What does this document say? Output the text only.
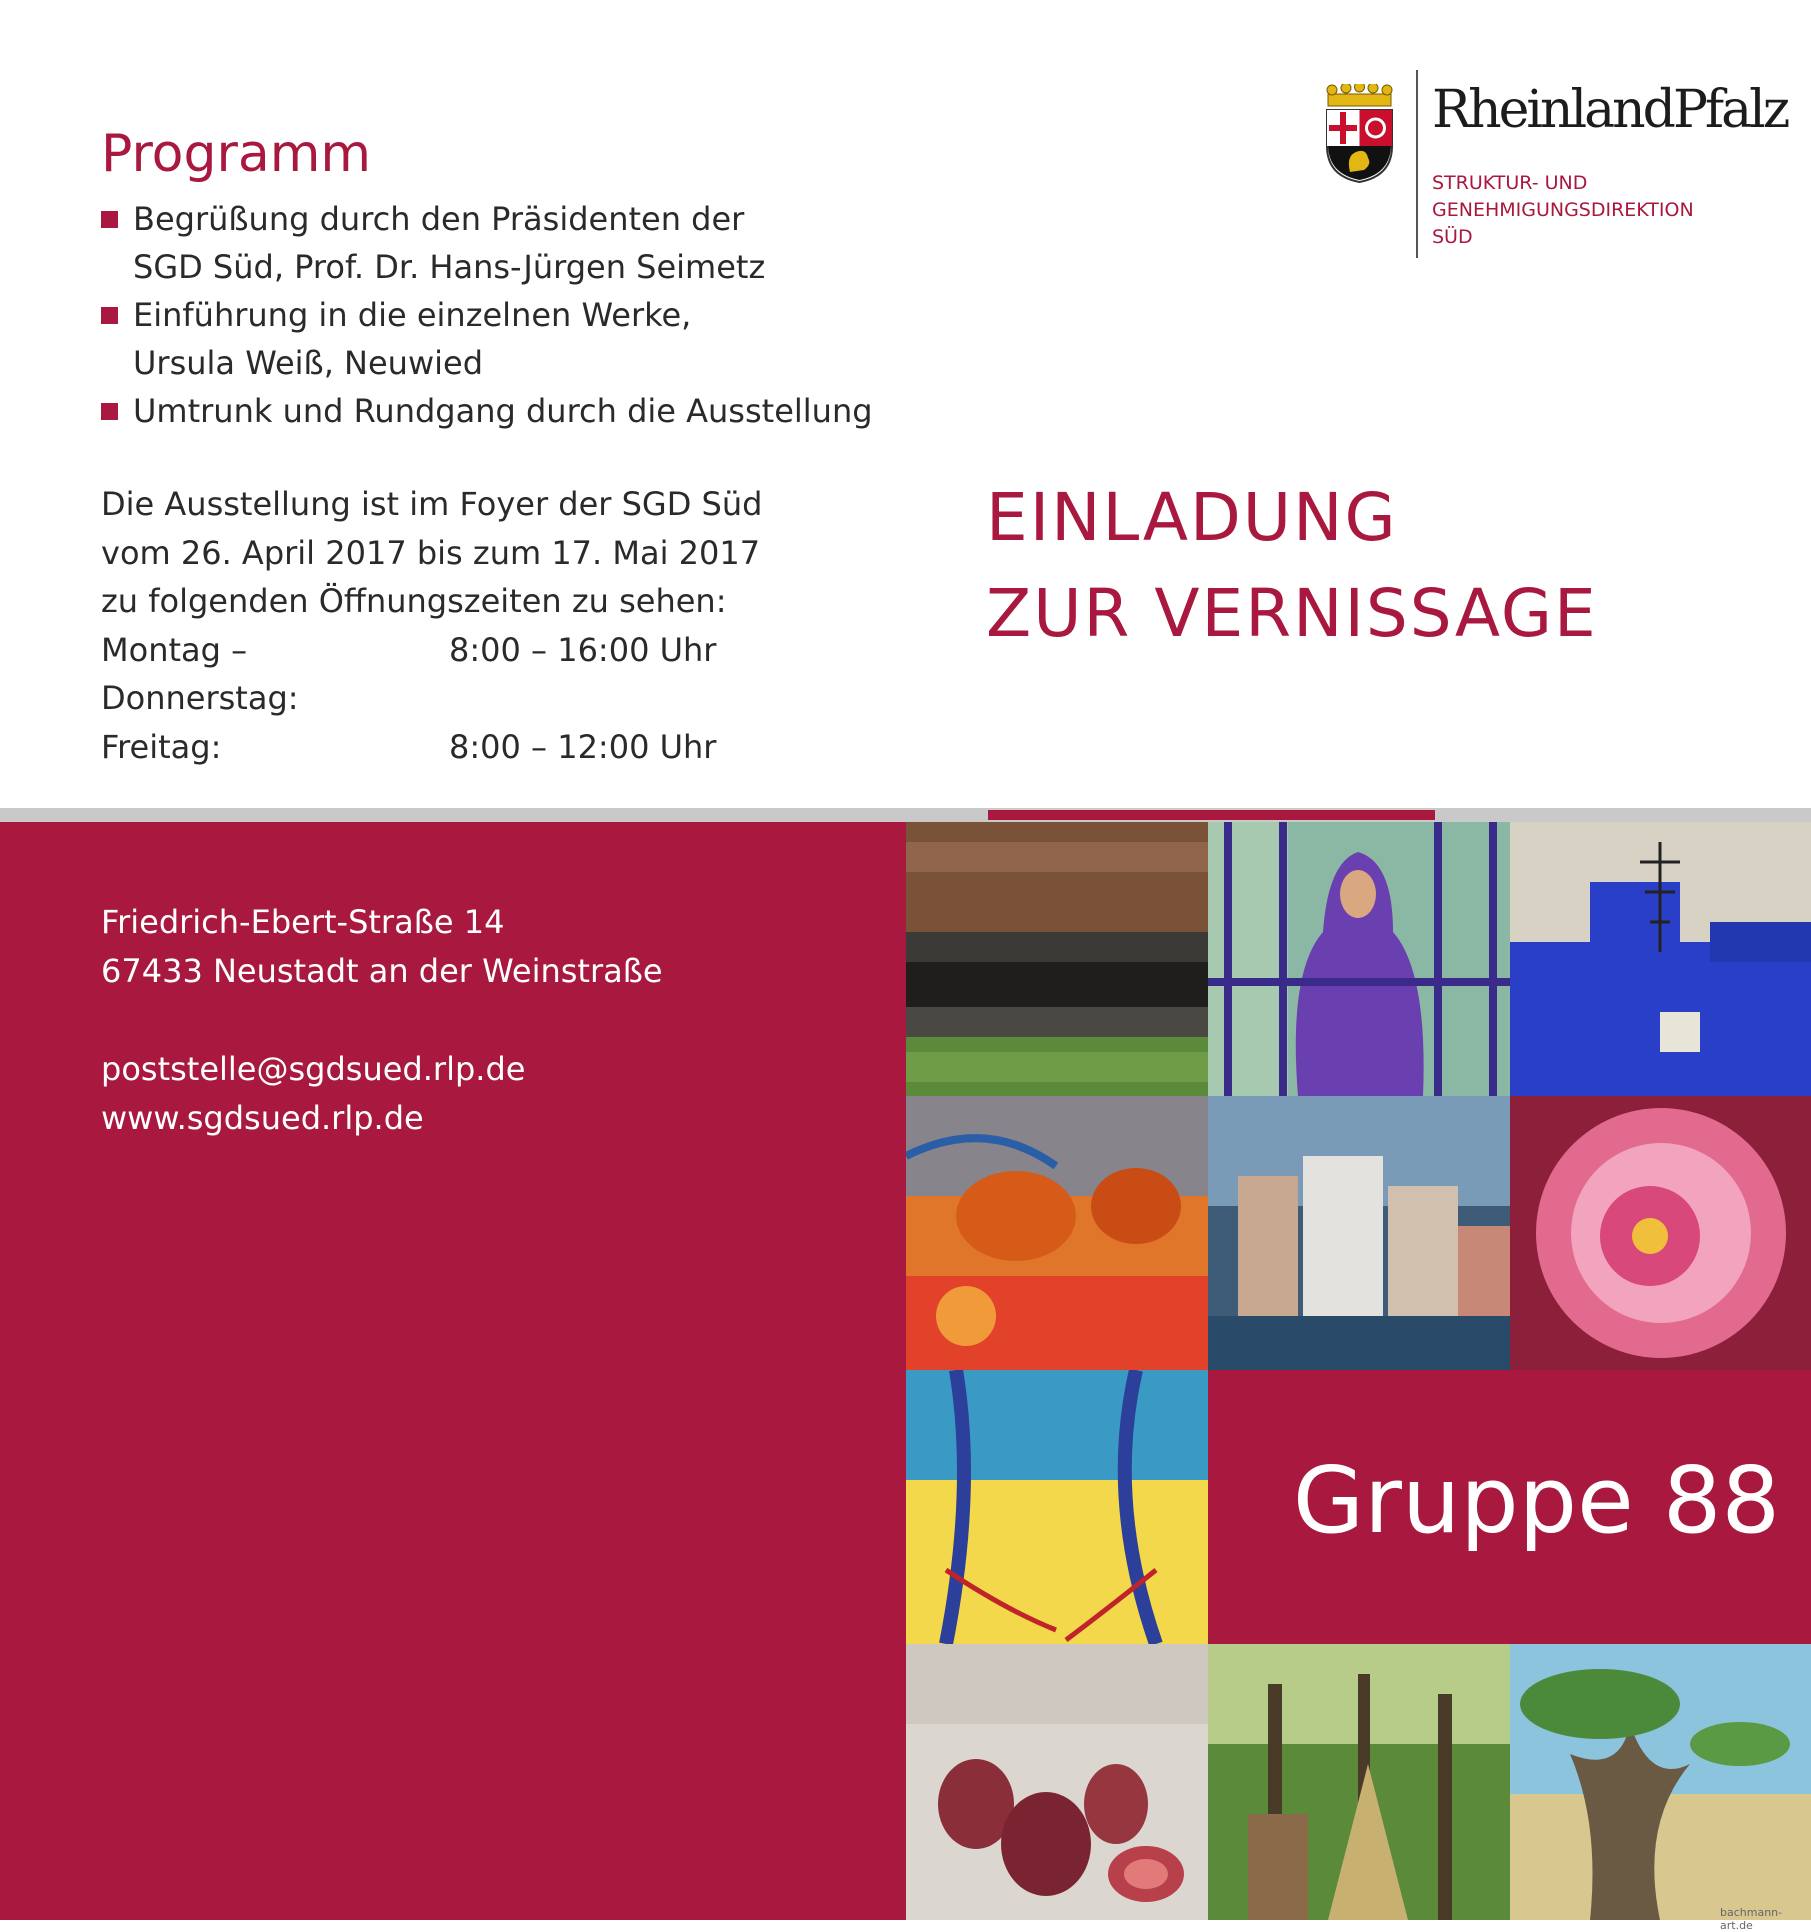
Programm
Begrüßung durch den Präsidenten der
SGD Süd, Prof. Dr. Hans-Jürgen Seimetz
Einführung in die einzelnen Werke,
Ursula Weiß, Neuwied
Umtrunk und Rundgang durch die Ausstellung
Die Ausstellung ist im Foyer der SGD Süd
vom 26. April 2017 bis zum 17. Mai 2017
zu folgenden Öffnungszeiten zu sehen:
Montag – Donnerstag:
8:00 – 16:00 Uhr
Freitag:	8:00 – 12:00 Uhr
RheinlandPfalz
STRUKTUR- UND
GENEHMIGUNGSDIREKTION
SÜD
EINLADUNG
ZUR VERNISSAGE
Friedrich-Ebert-Straße 14
67433 Neustadt an der Weinstraße
poststelle@sgdsued.rlp.de
www.sgdsued.rlp.de
Gruppe 88
bachmann-art.de
